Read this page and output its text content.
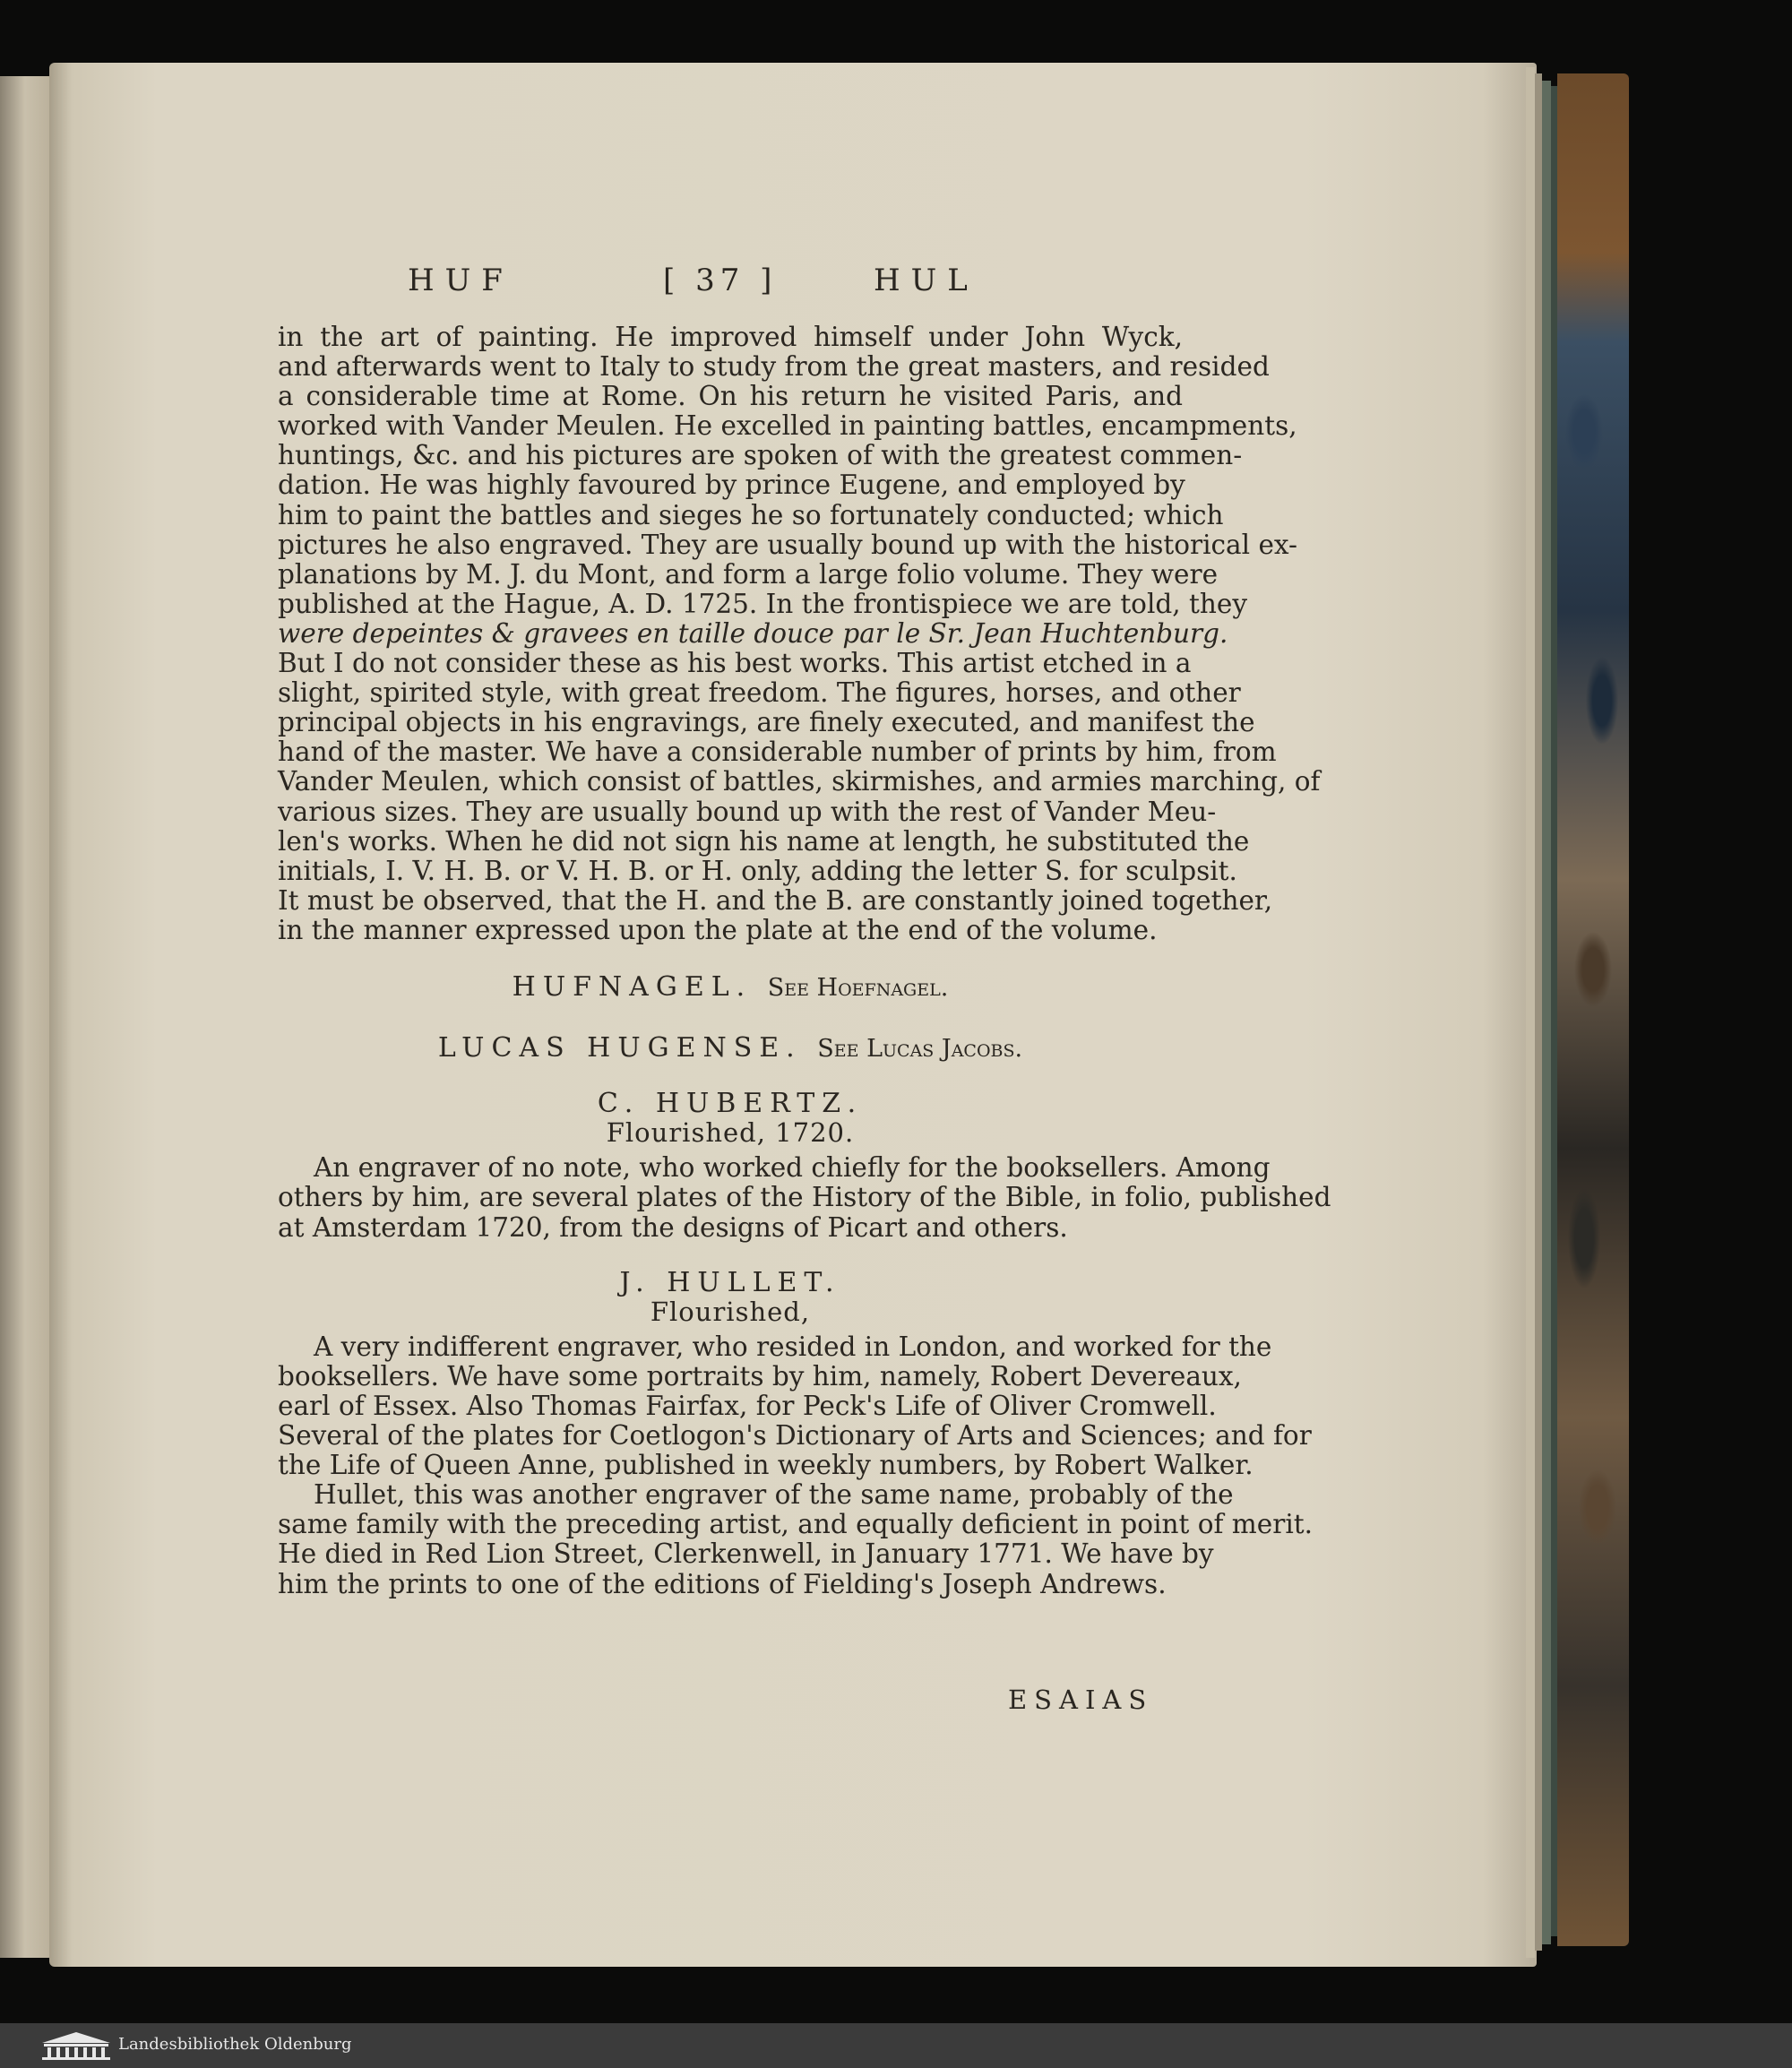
HUF	[ 37 ]	HUL

in the art of painting. He improved himself under John Wyck,

and afterwards went to Italy to study from the great masters, and resided

a considerable time at Rome. On his return he visited Paris, and

worked with Vander Meulen. He excelled in painting battles, encampments,

huntings, &c. and his pictures are spoken of with the greatest commen-

dation. He was highly favoured by prince Eugene, and employed by

him to paint the battles and sieges he so fortunately conducted; which

pictures he also engraved. They are usually bound up with the historical ex-

planations by M. J. du Mont, and form a large folio volume. They were

published at the Hague, A. D. 1725. In the frontispiece we are told, they

were depeintes & gravees en taille douce par le Sr. Jean Huchtenburg.

But I do not consider these as his best works. This artist etched in a

slight, spirited style, with great freedom. The figures, horses, and other

principal objects in his engravings, are finely executed, and manifest the

hand of the master. We have a considerable number of prints by him, from

Vander Meulen, which consist of battles, skirmishes, and armies marching, of

various sizes. They are usually bound up with the rest of Vander Meu-

len's works. When he did not sign his name at length, he substituted the

initials, I. V. H. B. or V. H. B. or H. only, adding the letter S. for sculpsit.

It must be observed, that the H. and the B. are constantly joined together,

in the manner expressed upon the plate at the end of the volume.

HUFNAGEL. See Hoefnagel.

LUCAS HUGENSE. See Lucas Jacobs.

C. HUBERTZ.

Flourished, 1720.

An engraver of no note, who worked chiefly for the booksellers. Among

others by him, are several plates of the History of the Bible, in folio, published

at Amsterdam 1720, from the designs of Picart and others.

J. HULLET.

Flourished,

A very indifferent engraver, who resided in London, and worked for the

booksellers. We have some portraits by him, namely, Robert Devereaux,

earl of Essex. Also Thomas Fairfax, for Peck's Life of Oliver Cromwell.

Several of the plates for Coetlogon's Dictionary of Arts and Sciences; and for

the Life of Queen Anne, published in weekly numbers, by Robert Walker.

Hullet, this was another engraver of the same name, probably of the

same family with the preceding artist, and equally deficient in point of merit.

He died in Red Lion Street, Clerkenwell, in January 1771. We have by

him the prints to one of the editions of Fielding's Joseph Andrews.

ESAIAS
Landesbibliothek Oldenburg
